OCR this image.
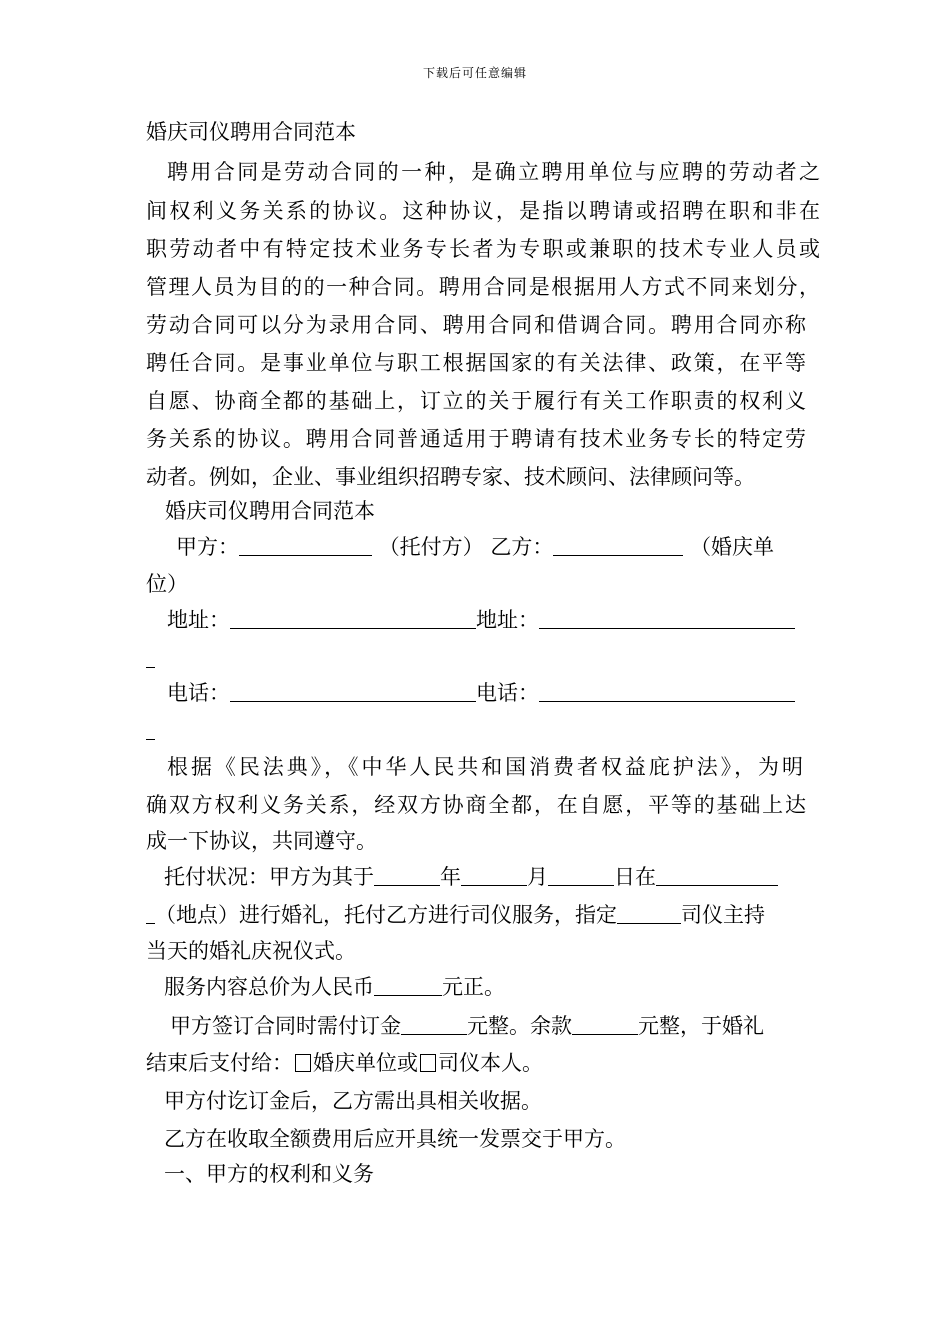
下载后可任意编辑
婚庆司仪聘用合同范本
聘用合同是劳动合同的一种，是确立聘用单位与应聘的劳动者之
间权利义务关系的协议。这种协议，是指以聘请或招聘在职和非在
职劳动者中有特定技术业务专长者为专职或兼职的技术专业人员或
管理人员为目的的一种合同。聘用合同是根据用人方式不同来划分，
劳动合同可以分为录用合同、聘用合同和借调合同。聘用合同亦称
聘任合同。是事业单位与职工根据国家的有关法律、政策，在平等
自愿、协商全都的基础上，订立的关于履行有关工作职责的权利义
务关系的协议。聘用合同普通适用于聘请有技术业务专长的特定劳
动者。例如，企业、事业组织招聘专家、技术顾问、法律顾问等。
婚庆司仪聘用合同范本
甲方：	（托付方） 乙方：	（婚庆单
位）
地址：	地址：
电话：	电话：
根据《民法典》，《中华人民共和国消费者权益庇护法》，为明
确双方权利义务关系，经双方协商全都，在自愿，平等的基础上达
成一下协议，共同遵守。
托付状况：甲方为其于	年	月	日在
（地点）进行婚礼，托付乙方进行司仪服务，指定	司仪主持
当天的婚礼庆祝仪式。
服务内容总价为人民币	元正。
甲方签订合同时需付订金	元整。余款	元整，于婚礼
结束后支付给： 婚庆单位或 司仪本人。
甲方付讫订金后，乙方需出具相关收据。
乙方在收取全额费用后应开具统一发票交于甲方。
一、甲方的权利和义务
